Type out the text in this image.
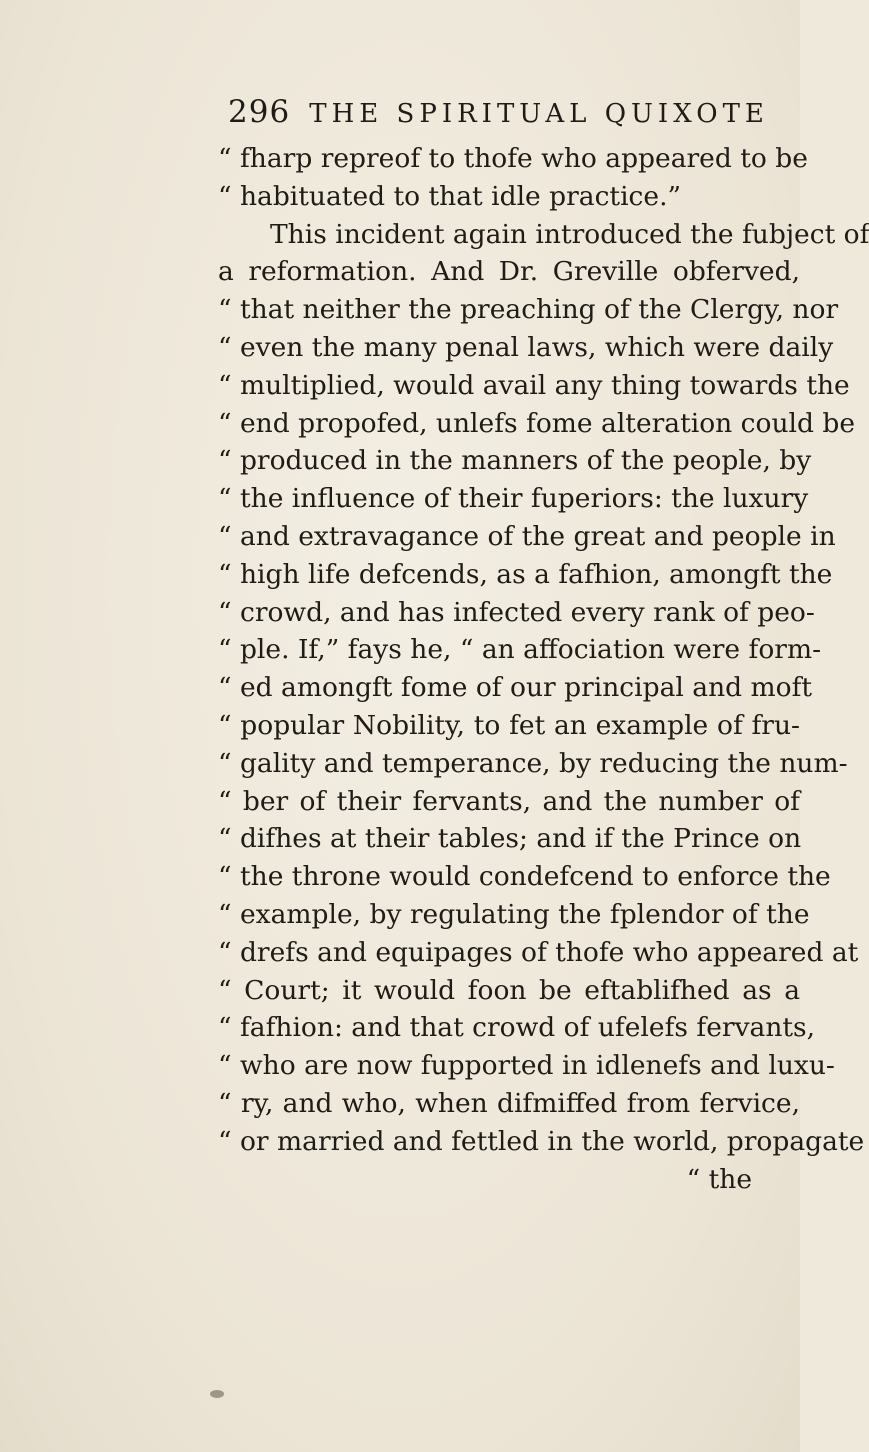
296 THE SPIRITUAL QUIXOTE
“ fharp repreof to thofe who appeared to be
“ habituated to that idle practice.”
This incident again introduced the fubject of
a reformation. And Dr. Greville obferved,
“ that neither the preaching of the Clergy, nor
“ even the many penal laws, which were daily
“ multiplied, would avail any thing towards the
“ end propofed, unlefs fome alteration could be
“ produced in the manners of the people, by
“ the influence of their fuperiors: the luxury
“ and extravagance of the great and people in
“ high life defcends, as a fafhion, amongft the
“ crowd, and has infected every rank of peo-
“ ple. If,” fays he, “ an affociation were form-
“ ed amongft fome of our principal and moft
“ popular Nobility, to fet an example of fru-
“ gality and temperance, by reducing the num-
“ ber of their fervants, and the number of
“ difhes at their tables; and if the Prince on
“ the throne would condefcend to enforce the
“ example, by regulating the fplendor of the
“ drefs and equipages of thofe who appeared at
“ Court; it would foon be eftablifhed as a
“ fafhion: and that crowd of ufelefs fervants,
“ who are now fupported in idlenefs and luxu-
“ ry, and who, when difmiffed from fervice,
“ or married and fettled in the world, propagate
“ the
